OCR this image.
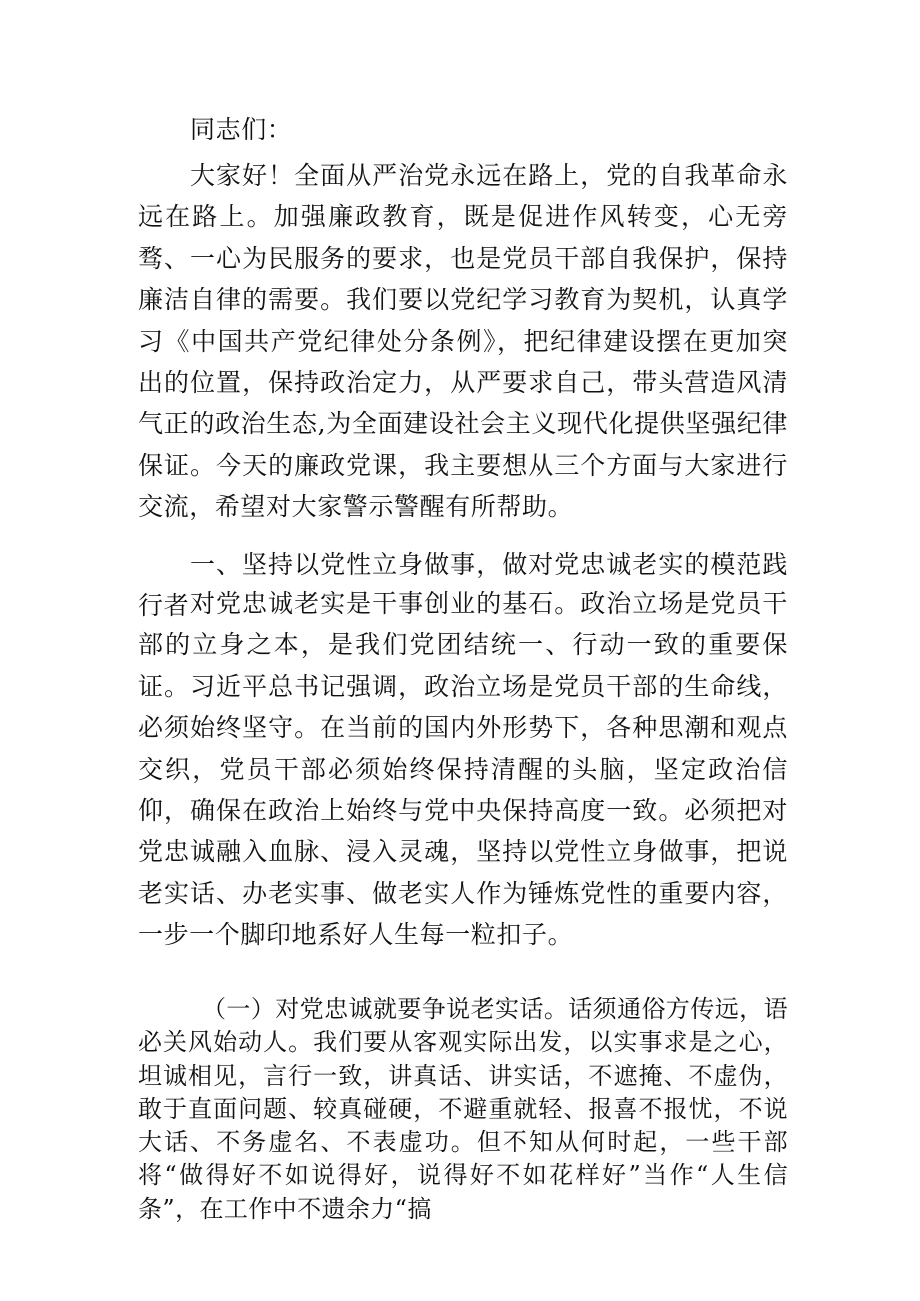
同志们：

大家好！全面从严治党永远在路上，党的自我革命永远在路上。加强廉政教育，既是促进作风转变，心无旁骛、一心为民服务的要求，也是党员干部自我保护，保持廉洁自律的需要。我们要以党纪学习教育为契机，认真学习《中国共产党纪律处分条例》，把纪律建设摆在更加突出的位置，保持政治定力，从严要求自己，带头营造风清气正的政治生态,为全面建设社会主义现代化提供坚强纪律保证。今天的廉政党课，我主要想从三个方面与大家进行交流，希望对大家警示警醒有所帮助。

一、坚持以党性立身做事，做对党忠诚老实的模范践行者 对党忠诚老实是干事创业的基石。政治立场是党员干部的立身之本，是我们党团结统一、行动一致的重要保证。习近平总书记强调，政治立场是党员干部的生命线，必须始终坚守。在当前的国内外形势下，各种思潮和观点交织，党员干部必须始终保持清醒的头脑，坚定政治信仰，确保在政治上始终与党中央保持高度一致。必须把对党忠诚融入血脉、浸入灵魂，坚持以党性立身做事，把说老实话、办老实事、做老实人作为锤炼党性的重要内容，一步一个脚印地系好人生每一粒扣子。

（一）对党忠诚就要争说老实话。话须通俗方传远，语必关风始动人。我们要从客观实际出发，以实事求是之心，坦诚相见，言行一致，讲真话、讲实话，不遮掩、不虚伪，敢于直面问题、较真碰硬，不避重就轻、报喜不报忧，不说大话、不务虚名、不表虚功。但不知从何时起，一些干部将“做得好不如说得好，说得好不如花样好”当作“人生信条”，在工作中不遗余力“搞
